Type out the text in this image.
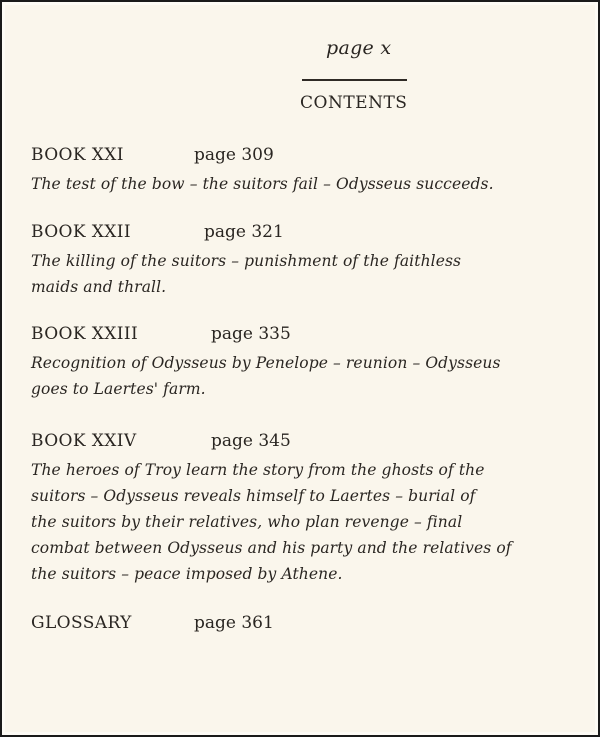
page x
CONTENTS
BOOK XXI	page 309

The test of the bow – the suitors fail – Odysseus succeeds.

BOOK XXII	page 321

The killing of the suitors – punishment of the faithless
maids and thrall.

BOOK XXIII	page 335

Recognition of Odysseus by Penelope – reunion – Odysseus
goes to Laertes' farm.

BOOK XXIV	page 345

The heroes of Troy learn the story from the ghosts of the
suitors – Odysseus reveals himself to Laertes – burial of
the suitors by their relatives, who plan revenge – final
combat between Odysseus and his party and the relatives of
the suitors – peace imposed by Athene.

GLOSSARY	page 361
